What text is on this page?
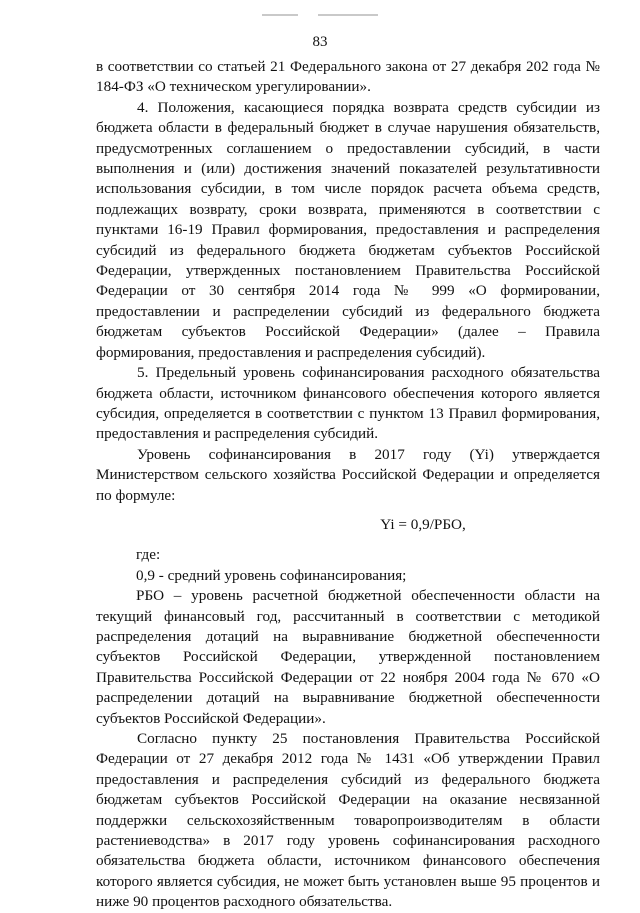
83

в соответствии со статьей 21 Федерального закона от 27 декабря 202 года № 184-ФЗ «О техническом урегулировании».

4. Положения, касающиеся порядка возврата средств субсидии из бюджета области в федеральный бюджет в случае нарушения обязательств, предусмотренных соглашением о предоставлении субсидий, в части выполнения и (или) достижения значений показателей результативности использования субсидии, в том числе порядок расчета объема средств, подлежащих возврату, сроки возврата, применяются в соответствии с пунктами 16-19 Правил формирования, предоставления и распределения субсидий из федерального бюджета бюджетам субъектов Российской Федерации, утвержденных постановлением Правительства Российской Федерации от 30 сентября 2014 года № 999 «О формировании, предоставлении и распределении субсидий из федерального бюджета бюджетам субъектов Российской Федерации» (далее – Правила формирования, предоставления и распределения субсидий).

5. Предельный уровень софинансирования расходного обязательства бюджета области, источником финансового обеспечения которого является субсидия, определяется в соответствии с пунктом 13 Правил формирования, предоставления и распределения субсидий.

Уровень софинансирования в 2017 году (Yi) утверждается Министерством сельского хозяйства Российской Федерации и определяется по формуле:

Yi = 0,9/РБО,

где:

0,9 - средний уровень софинансирования;

РБО – уровень расчетной бюджетной обеспеченности области на текущий финансовый год, рассчитанный в соответствии с методикой распределения дотаций на выравнивание бюджетной обеспеченности субъектов Российской Федерации, утвержденной постановлением Правительства Российской Федерации от 22 ноября 2004 года № 670 «О распределении дотаций на выравнивание бюджетной обеспеченности субъектов Российской Федерации».

Согласно пункту 25 постановления Правительства Российской Федерации от 27 декабря 2012 года № 1431 «Об утверждении Правил предоставления и распределения субсидий из федерального бюджета бюджетам субъектов Российской Федерации на оказание несвязанной поддержки сельскохозяйственным товаропроизводителям в области растениеводства» в 2017 году уровень софинансирования расходного обязательства бюджета области, источником финансового обеспечения которого является субсидия, не может быть установлен выше 95 процентов и ниже 90 процентов расходного обязательства.
